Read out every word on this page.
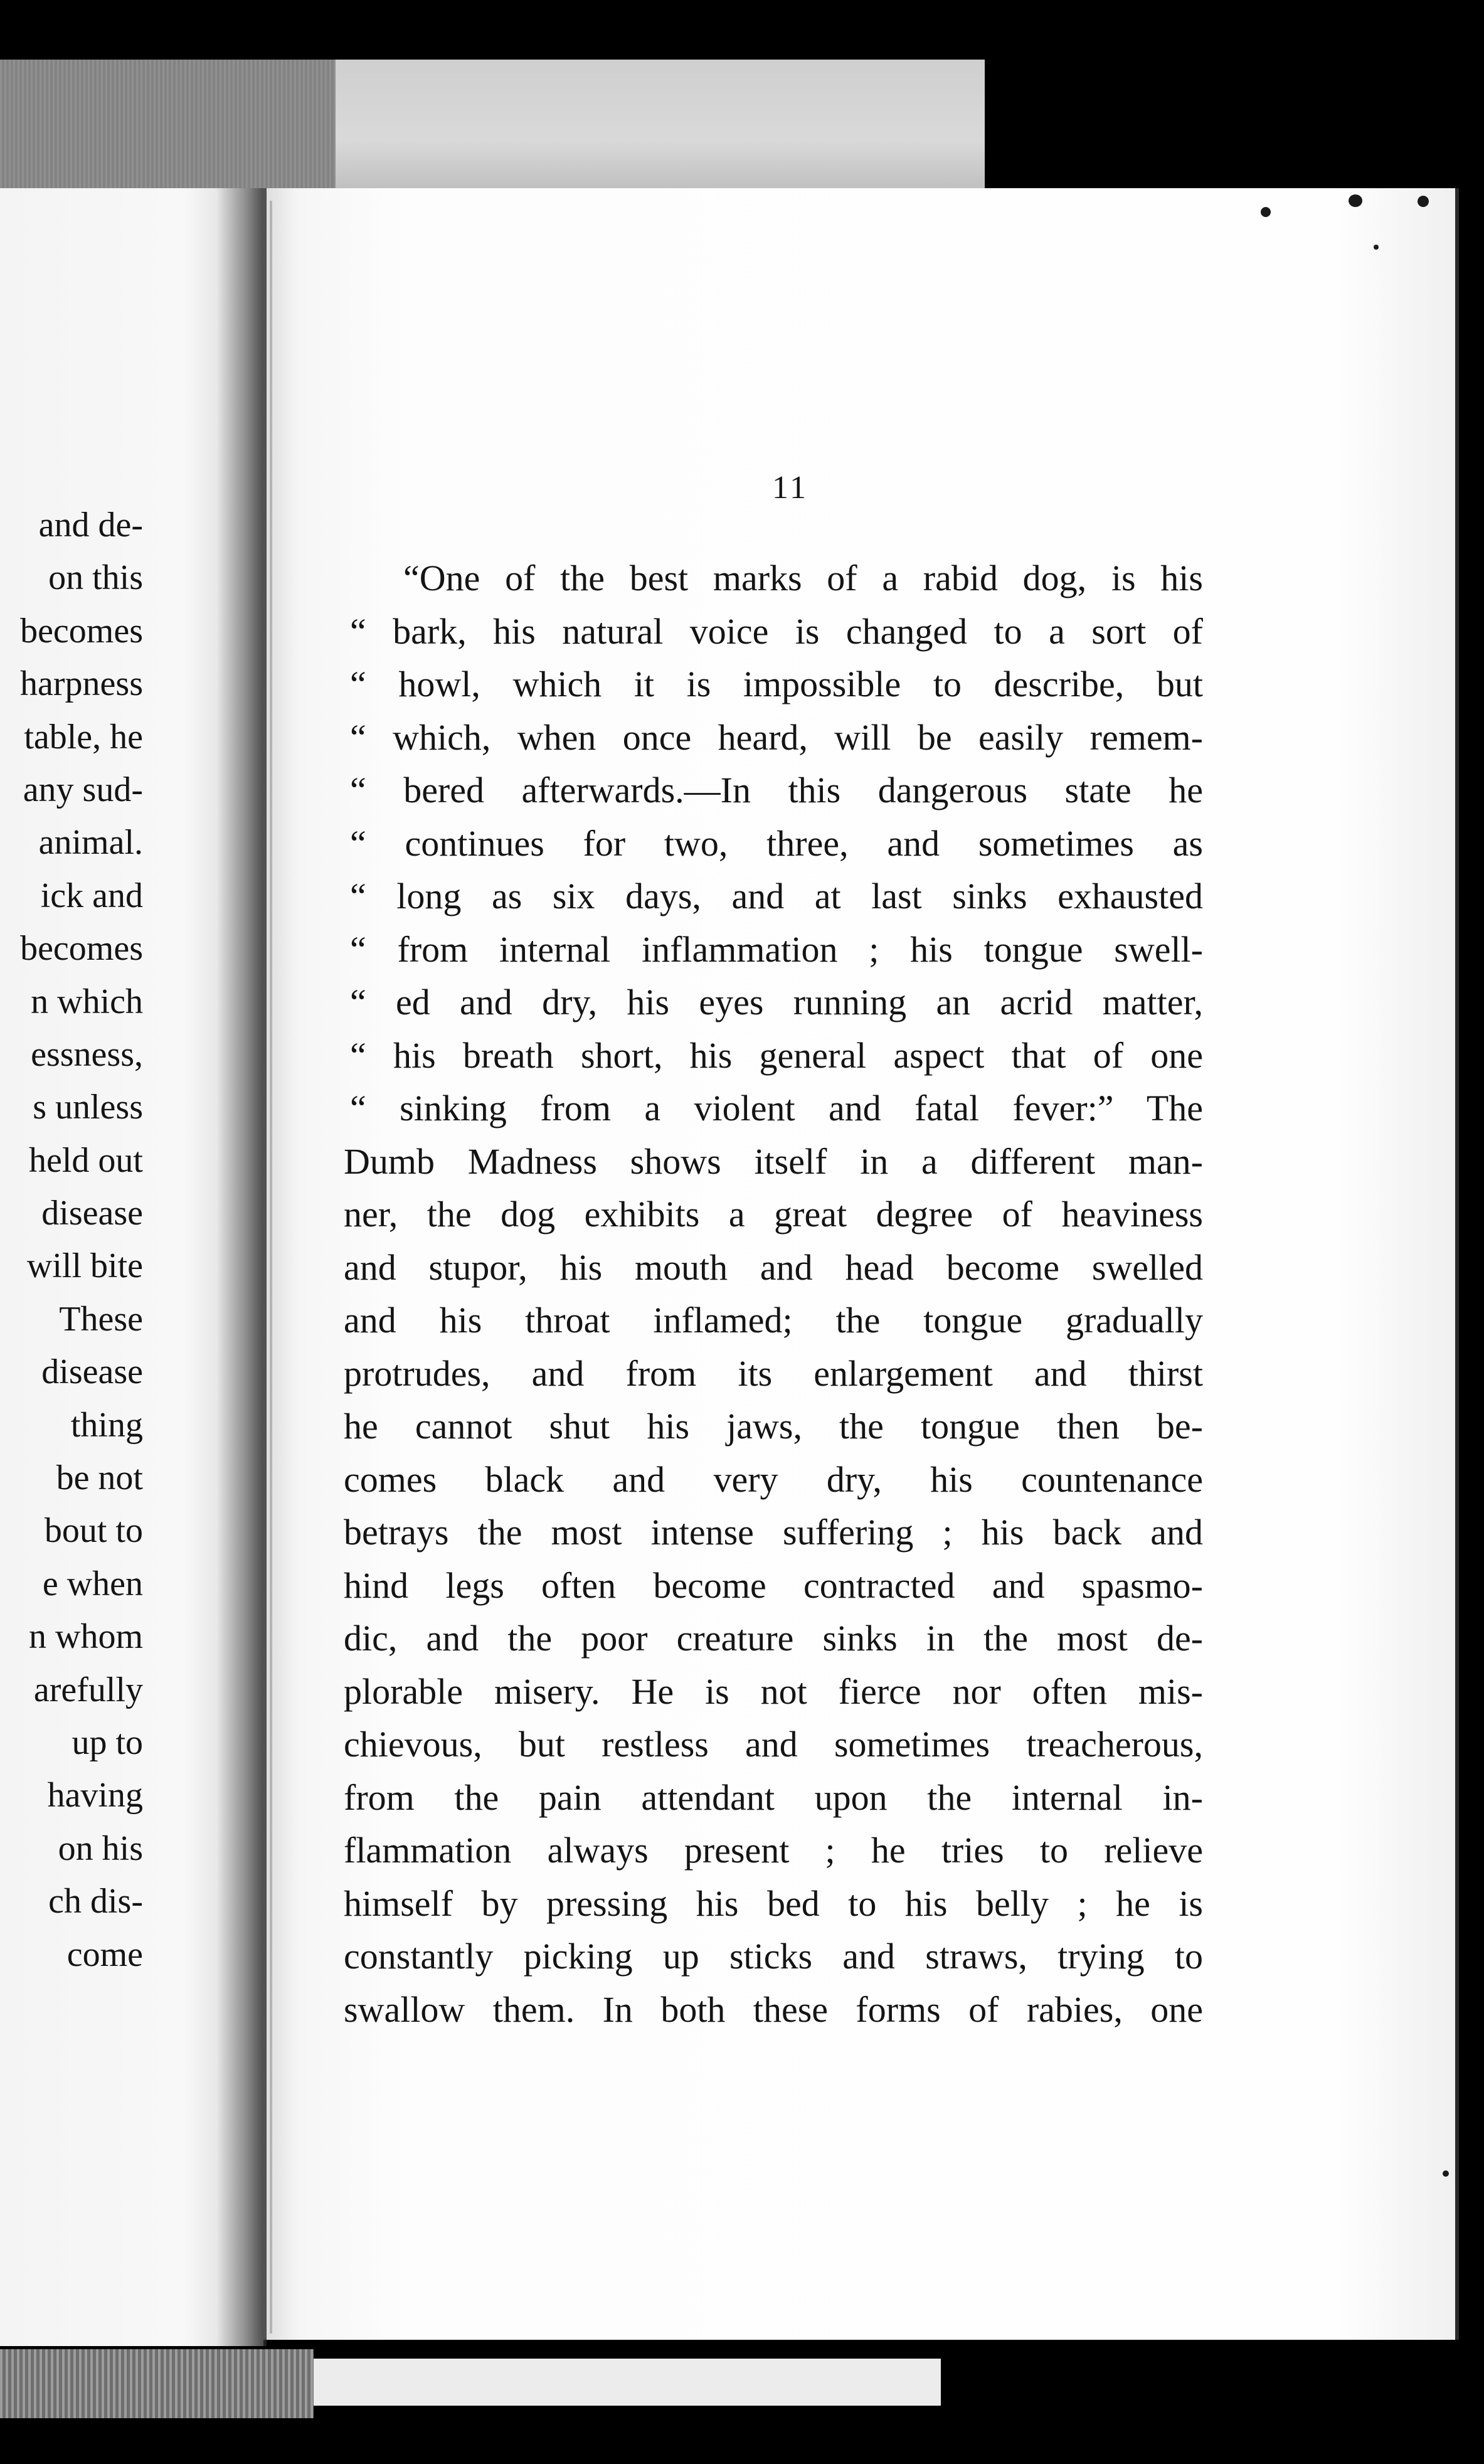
and de-
on this
becomes
harpness
table, he
any sud-
animal.
ick and
becomes
n which
essness,
s unless
held out
disease
will bite
These
disease
thing
be not
bout to
e when
n whom
arefully
up to
having
on his
ch dis-
come
11
“One of the best marks of a rabid dog, is his
“ bark, his natural voice is changed to a sort of
“ howl, which it is impossible to describe, but
“ which, when once heard, will be easily remem-
“ bered afterwards.—In this dangerous state he
“ continues for two, three, and sometimes as
“ long as six days, and at last sinks exhausted
“ from internal inflammation ; his tongue swell-
“ ed and dry, his eyes running an acrid matter,
“ his breath short, his general aspect that of one
“ sinking from a violent and fatal fever:” The
Dumb Madness shows itself in a different man-
ner, the dog exhibits a great degree of heaviness
and stupor, his mouth and head become swelled
and his throat inflamed; the tongue gradually
protrudes, and from its enlargement and thirst
he cannot shut his jaws, the tongue then be-
comes black and very dry, his countenance
betrays the most intense suffering ; his back and
hind legs often become contracted and spasmo-
dic, and the poor creature sinks in the most de-
plorable misery. He is not fierce nor often mis-
chievous, but restless and sometimes treacherous,
from the pain attendant upon the internal in-
flammation always present ; he tries to relieve
himself by pressing his bed to his belly ; he is
constantly picking up sticks and straws, trying to
swallow them. In both these forms of rabies, one
